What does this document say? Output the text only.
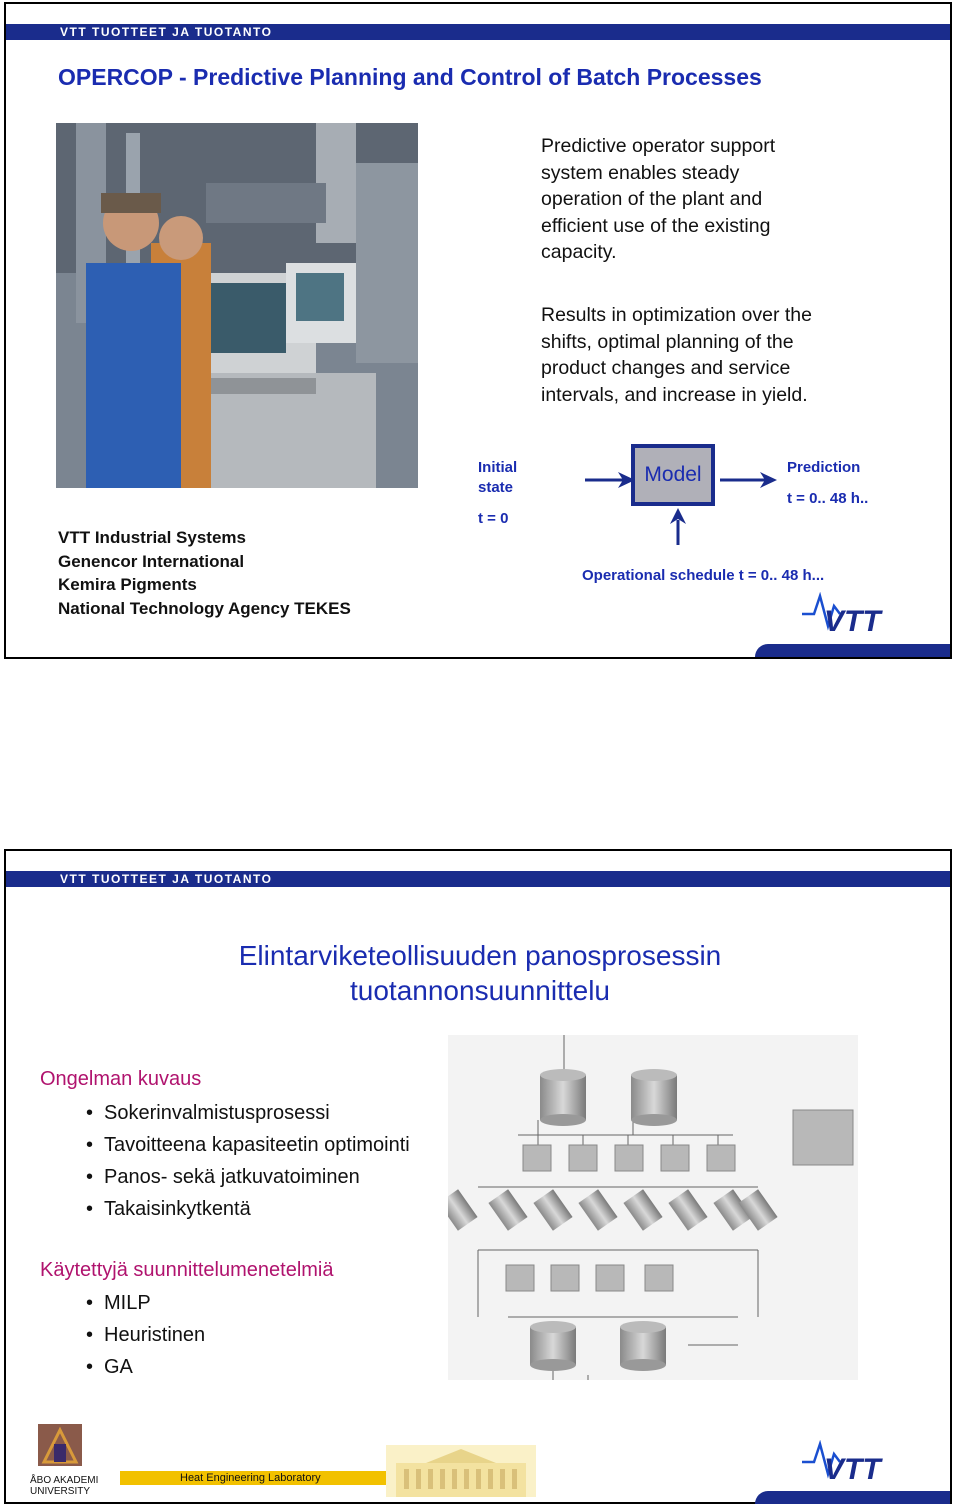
VTT TUOTTEET JA TUOTANTO
OPERCOP - Predictive Planning and Control of Batch Processes
Predictive operator support
system enables steady
operation of the plant and
efficient use of the existing
capacity.
Results in optimization over the
shifts, optimal planning of the
product changes and service
intervals, and increase in yield.
VTT Industrial Systems
Genencor International
Kemira Pigments
National Technology Agency TEKES
Initial
state
t = 0
Model	Prediction
t = 0.. 48 h..
Operational schedule t = 0.. 48 h...
VTT
VTT TUOTTEET JA TUOTANTO
Elintarviketeollisuuden panosprosessin
tuotannonsuunnittelu
Ongelman kuvaus
• Sokerinvalmistusprosessi
• Tavoitteena kapasiteetin optimointi
• Panos- sekä jatkuvatoiminen
• Takaisinkytkentä
Käytettyjä suunnittelumenetelmiä
• MILP
• Heuristinen
• GA
ÅBO AKADEMI
UNIVERSITY
Heat Engineering Laboratory	VTT
